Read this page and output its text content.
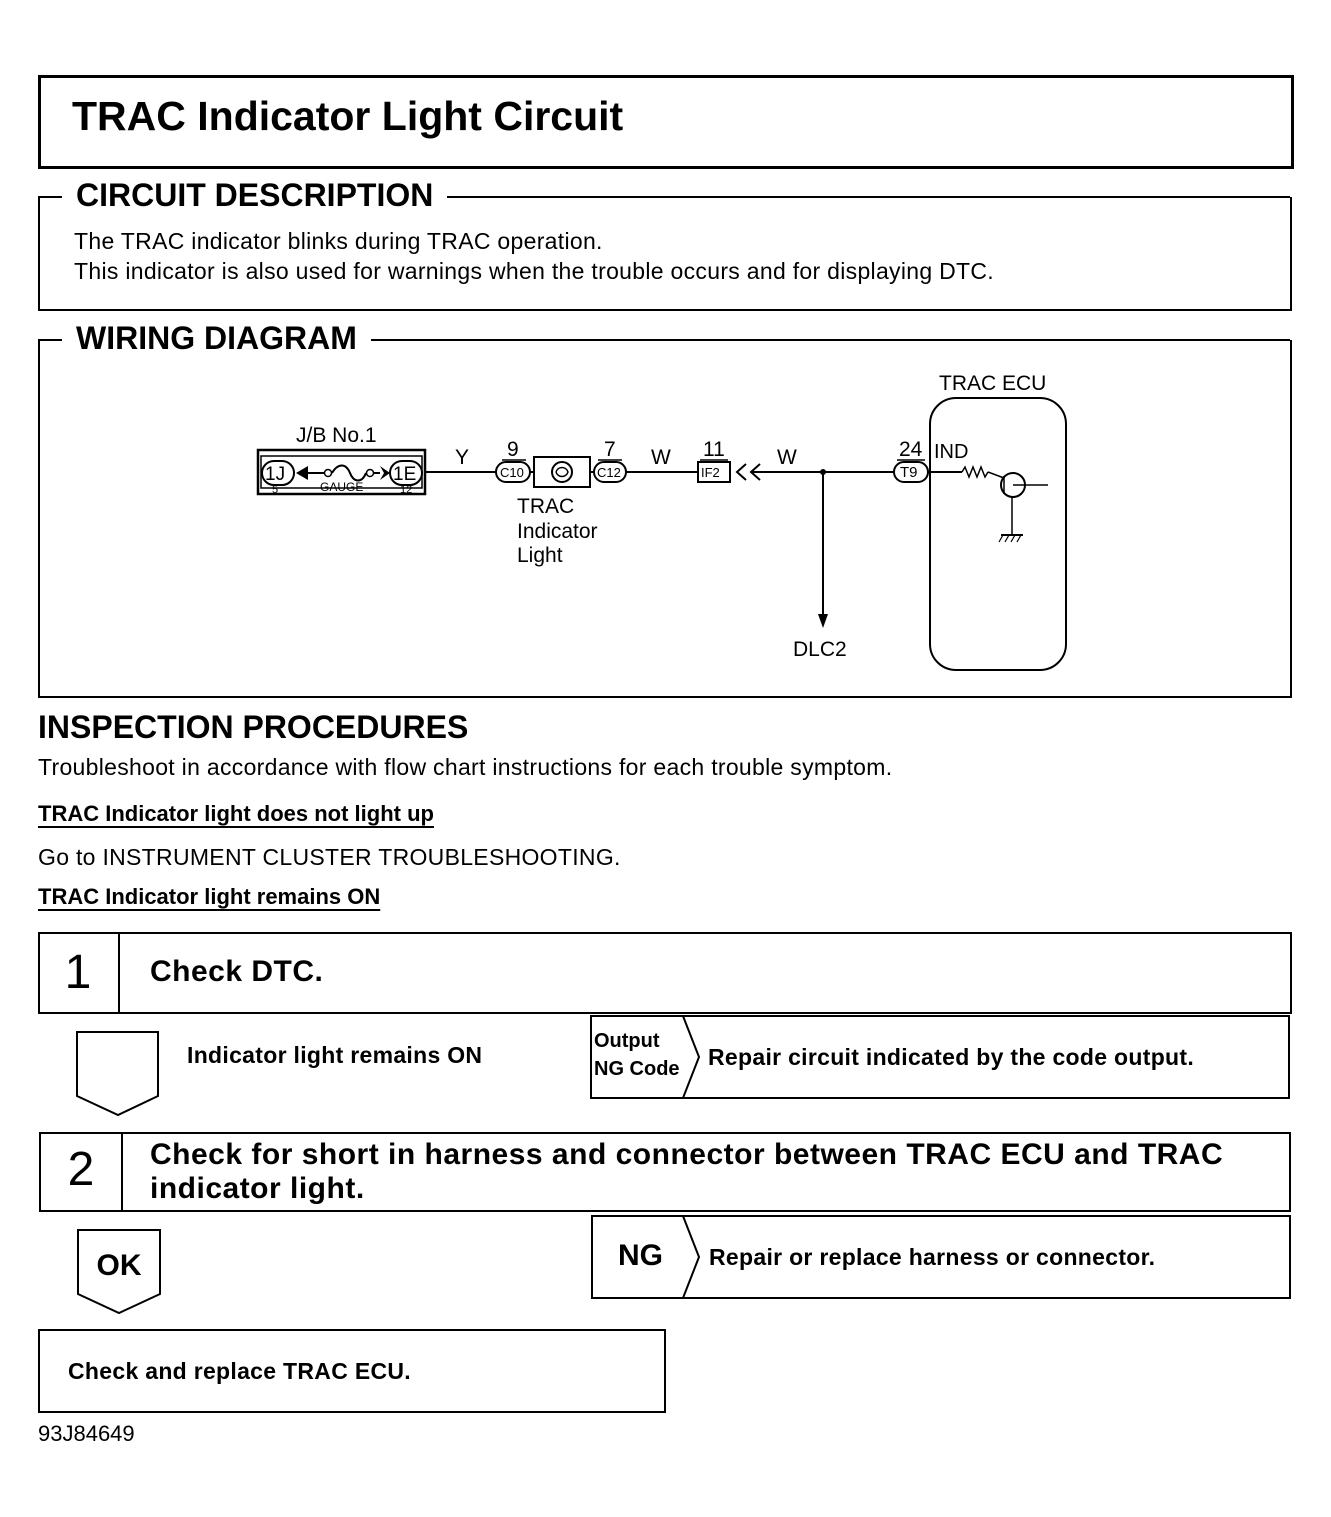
TRAC Indicator Light Circuit
CIRCUIT DESCRIPTION
The TRAC indicator blinks during TRAC operation.
This indicator is also used for warnings when the trouble occurs and for displaying DTC.
WIRING DIAGRAM
J/B No.1
1J
5
1E
GAUGE	12
Y 9
C10
TRAC
Indicator
Light
7
C12
W 11
IF2
W
DLC2
24
T9
TRAC ECU
IND
INSPECTION PROCEDURES
Troubleshoot in accordance with flow chart instructions for each trouble symptom.
TRAC Indicator light does not light up
Go to INSTRUMENT CLUSTER TROUBLESHOOTING.
TRAC Indicator light remains ON
1	Check DTC.
Indicator light remains ON
Output
NG Code Repair circuit indicated by the code output.
2	Check for short in harness and connector between TRAC ECU and TRAC
indicator light.
OK	NG Repair or replace harness or connector.
Check and replace TRAC ECU.
93J84649
